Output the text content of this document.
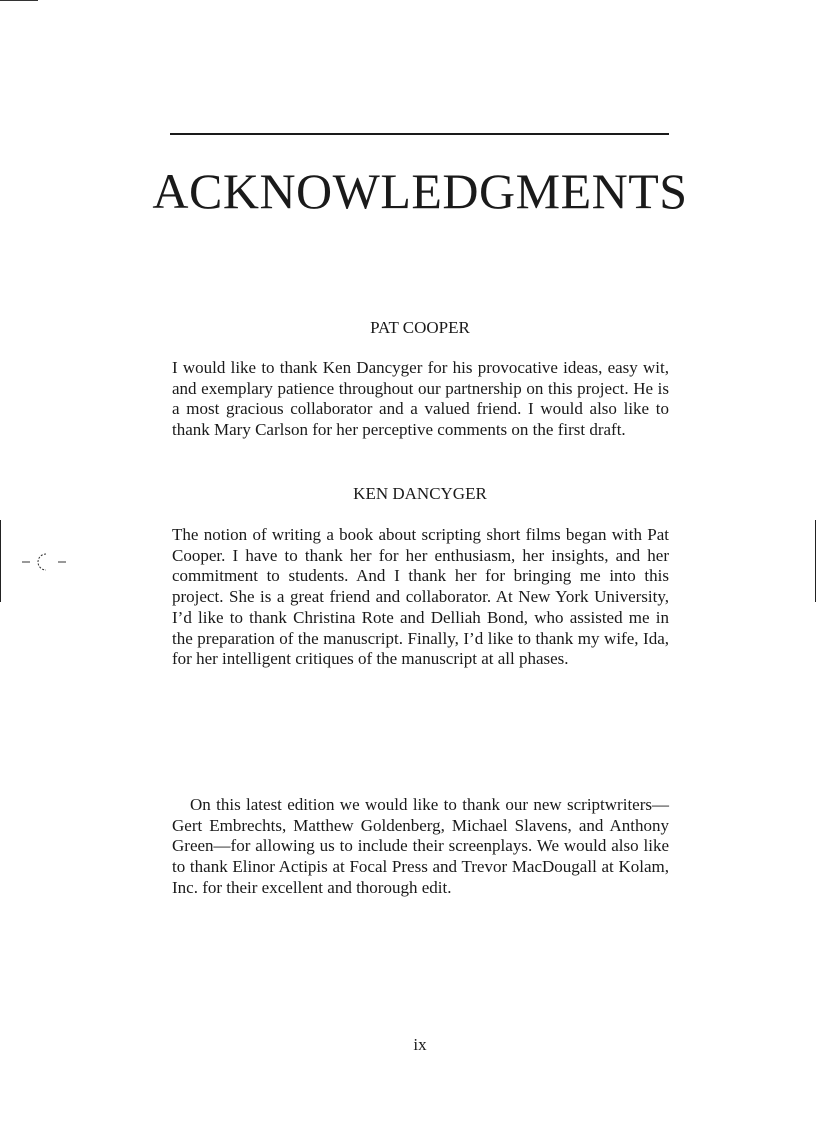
ACKNOWLEDGMENTS
PAT COOPER

I would like to thank Ken Dancyger for his provocative ideas, easy wit, and exemplary patience throughout our partnership on this project. He is a most gracious collaborator and a valued friend. I would also like to thank Mary Carlson for her perceptive comments on the first draft.

KEN DANCYGER

The notion of writing a book about scripting short films began with Pat Cooper. I have to thank her for her enthusiasm, her insights, and her commitment to students. And I thank her for bringing me into this project. She is a great friend and collaborator. At New York University, I’d like to thank Christina Rote and Delliah Bond, who assisted me in the preparation of the manuscript. Finally, I’d like to thank my wife, Ida, for her intelligent critiques of the manuscript at all phases.

On this latest edition we would like to thank our new scriptwriters—Gert Embrechts, Matthew Goldenberg, Michael Slavens, and Anthony Green—for allowing us to include their screenplays. We would also like to thank Elinor Actipis at Focal Press and Trevor MacDougall at Kolam, Inc. for their excellent and thorough edit.

ix
